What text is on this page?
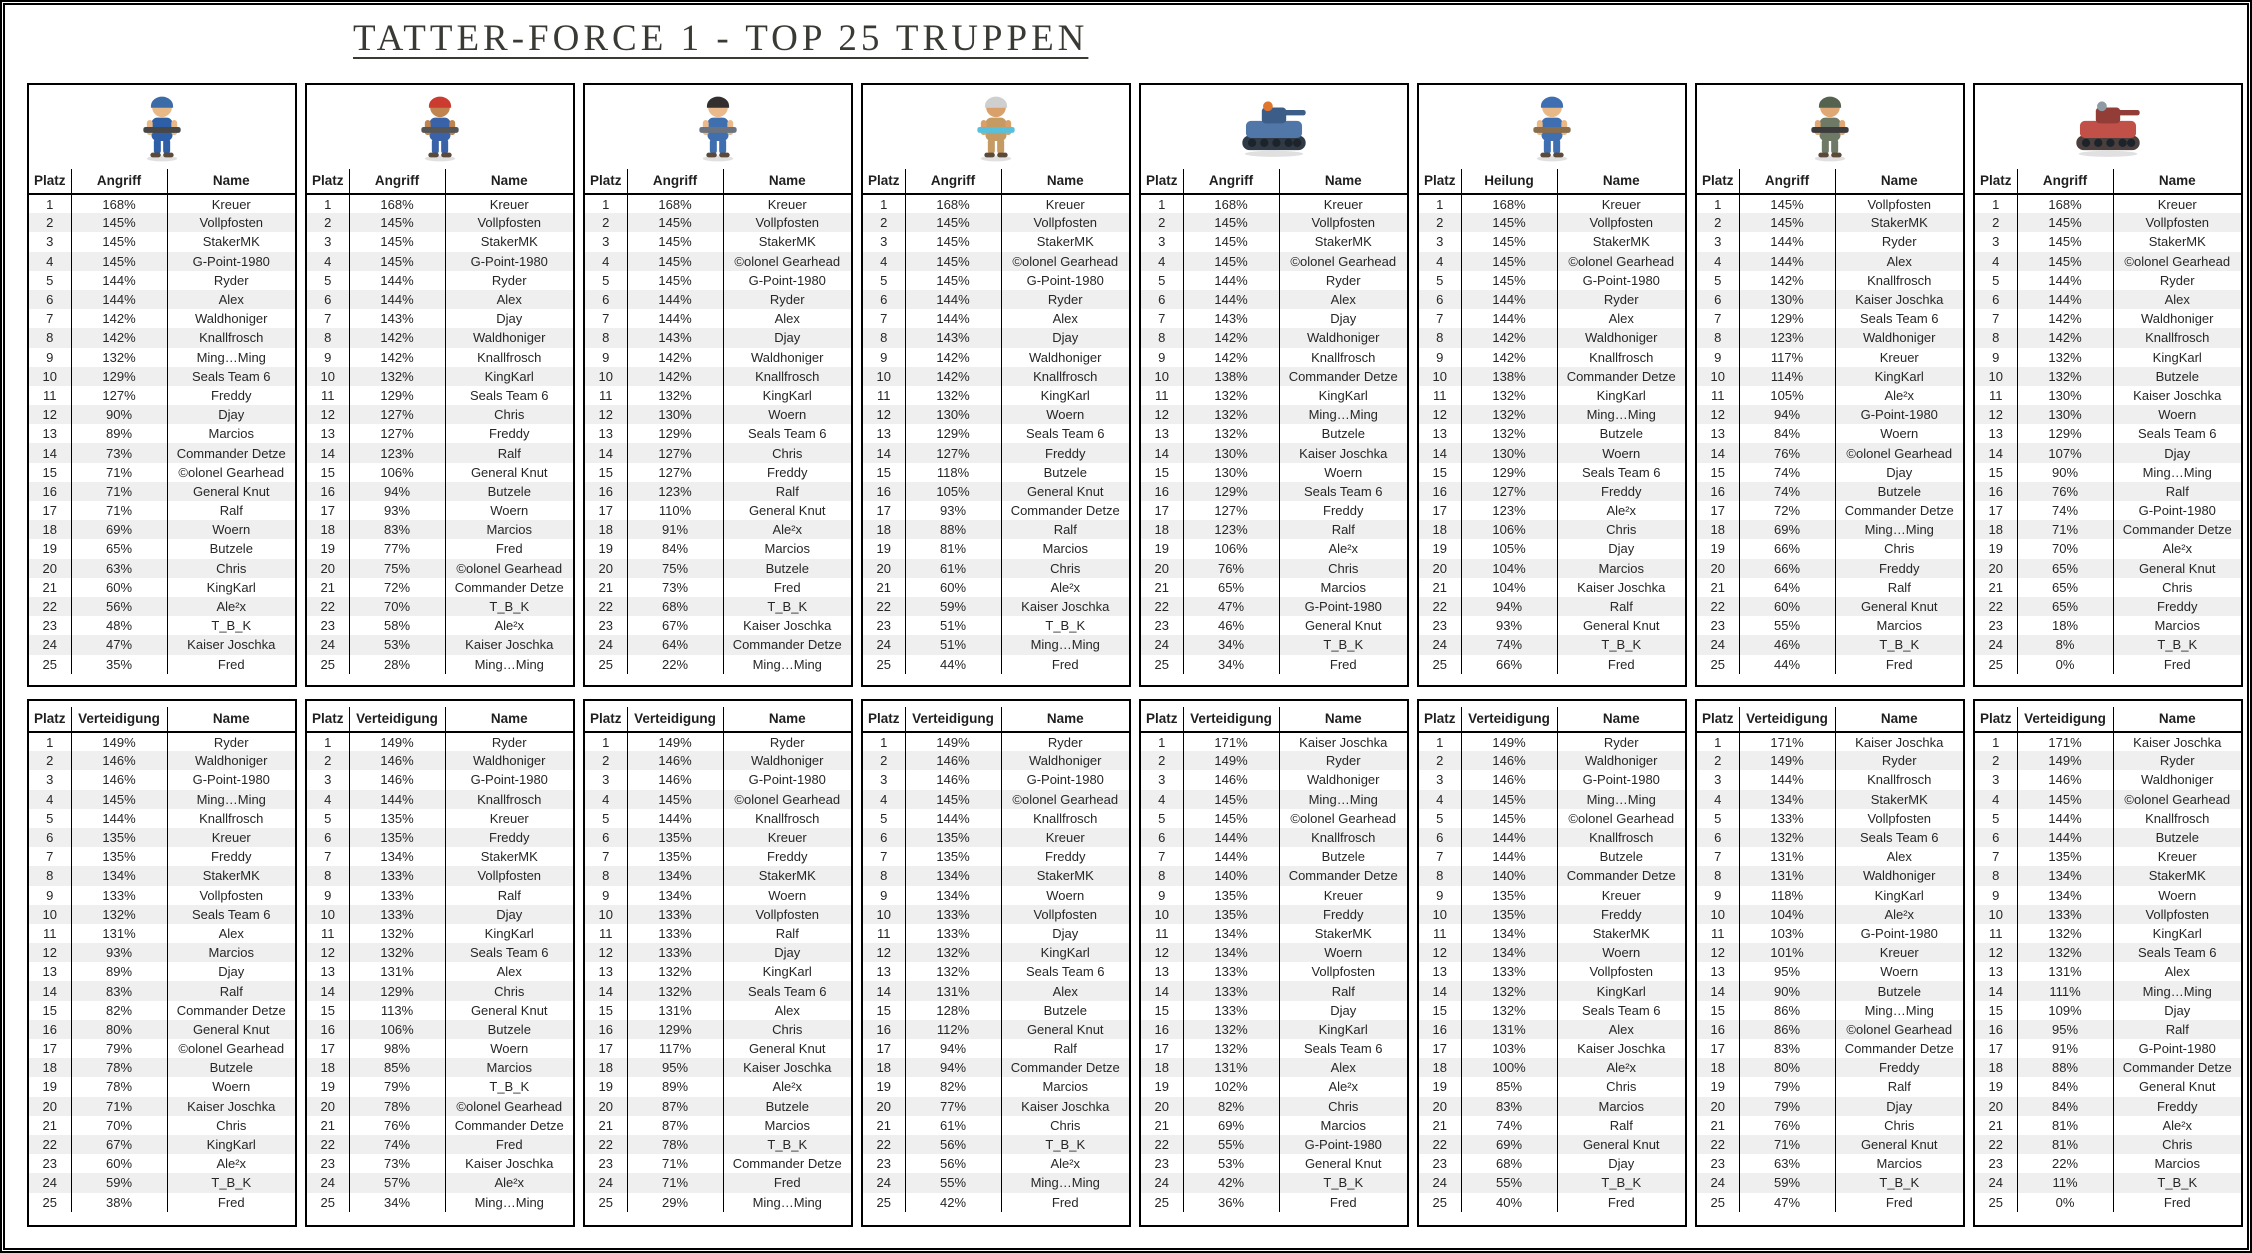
TATTER-FORCE 1 - TOP 25 TRUPPEN
Platz	Angriff	Name
1	168%	Kreuer
2	145%	Vollpfosten
3	145%	StakerMK
4	145%	G-Point-1980
5	144%	Ryder
6	144%	Alex
7	142%	Waldhoniger
8	142%	Knallfrosch
9	132%	Ming…Ming
10	129%	Seals Team 6
11	127%	Freddy
12	90%	Djay
13	89%	Marcios
14	73%	Commander Detze
15	71%	©olonel Gearhead
16	71%	General Knut
17	71%	Ralf
18	69%	Woern
19	65%	Butzele
20	63%	Chris
21	60%	KingKarl
22	56%	Ale²x
23	48%	T_B_K
24	47%	Kaiser Joschka
25	35%	Fred
Platz	Verteidigung	Name
1	149%	Ryder
2	146%	Waldhoniger
3	146%	G-Point-1980
4	145%	Ming…Ming
5	144%	Knallfrosch
6	135%	Kreuer
7	135%	Freddy
8	134%	StakerMK
9	133%	Vollpfosten
10	132%	Seals Team 6
11	131%	Alex
12	93%	Marcios
13	89%	Djay
14	83%	Ralf
15	82%	Commander Detze
16	80%	General Knut
17	79%	©olonel Gearhead
18	78%	Butzele
19	78%	Woern
20	71%	Kaiser Joschka
21	70%	Chris
22	67%	KingKarl
23	60%	Ale²x
24	59%	T_B_K
25	38%	Fred
Platz	Angriff	Name
1	168%	Kreuer
2	145%	Vollpfosten
3	145%	StakerMK
4	145%	G-Point-1980
5	144%	Ryder
6	144%	Alex
7	143%	Djay
8	142%	Waldhoniger
9	142%	Knallfrosch
10	132%	KingKarl
11	129%	Seals Team 6
12	127%	Chris
13	127%	Freddy
14	123%	Ralf
15	106%	General Knut
16	94%	Butzele
17	93%	Woern
18	83%	Marcios
19	77%	Fred
20	75%	©olonel Gearhead
21	72%	Commander Detze
22	70%	T_B_K
23	58%	Ale²x
24	53%	Kaiser Joschka
25	28%	Ming…Ming
Platz	Verteidigung	Name
1	149%	Ryder
2	146%	Waldhoniger
3	146%	G-Point-1980
4	144%	Knallfrosch
5	135%	Kreuer
6	135%	Freddy
7	134%	StakerMK
8	133%	Vollpfosten
9	133%	Ralf
10	133%	Djay
11	132%	KingKarl
12	132%	Seals Team 6
13	131%	Alex
14	129%	Chris
15	113%	General Knut
16	106%	Butzele
17	98%	Woern
18	85%	Marcios
19	79%	T_B_K
20	78%	©olonel Gearhead
21	76%	Commander Detze
22	74%	Fred
23	73%	Kaiser Joschka
24	57%	Ale²x
25	34%	Ming…Ming
Platz	Angriff	Name
1	168%	Kreuer
2	145%	Vollpfosten
3	145%	StakerMK
4	145%	©olonel Gearhead
5	145%	G-Point-1980
6	144%	Ryder
7	144%	Alex
8	143%	Djay
9	142%	Waldhoniger
10	142%	Knallfrosch
11	132%	KingKarl
12	130%	Woern
13	129%	Seals Team 6
14	127%	Chris
15	127%	Freddy
16	123%	Ralf
17	110%	General Knut
18	91%	Ale²x
19	84%	Marcios
20	75%	Butzele
21	73%	Fred
22	68%	T_B_K
23	67%	Kaiser Joschka
24	64%	Commander Detze
25	22%	Ming…Ming
Platz	Verteidigung	Name
1	149%	Ryder
2	146%	Waldhoniger
3	146%	G-Point-1980
4	145%	©olonel Gearhead
5	144%	Knallfrosch
6	135%	Kreuer
7	135%	Freddy
8	134%	StakerMK
9	134%	Woern
10	133%	Vollpfosten
11	133%	Ralf
12	133%	Djay
13	132%	KingKarl
14	132%	Seals Team 6
15	131%	Alex
16	129%	Chris
17	117%	General Knut
18	95%	Kaiser Joschka
19	89%	Ale²x
20	87%	Butzele
21	87%	Marcios
22	78%	T_B_K
23	71%	Commander Detze
24	71%	Fred
25	29%	Ming…Ming
Platz	Angriff	Name
1	168%	Kreuer
2	145%	Vollpfosten
3	145%	StakerMK
4	145%	©olonel Gearhead
5	145%	G-Point-1980
6	144%	Ryder
7	144%	Alex
8	143%	Djay
9	142%	Waldhoniger
10	142%	Knallfrosch
11	132%	KingKarl
12	130%	Woern
13	129%	Seals Team 6
14	127%	Freddy
15	118%	Butzele
16	105%	General Knut
17	93%	Commander Detze
18	88%	Ralf
19	81%	Marcios
20	61%	Chris
21	60%	Ale²x
22	59%	Kaiser Joschka
23	51%	T_B_K
24	51%	Ming…Ming
25	44%	Fred
Platz	Verteidigung	Name
1	149%	Ryder
2	146%	Waldhoniger
3	146%	G-Point-1980
4	145%	©olonel Gearhead
5	144%	Knallfrosch
6	135%	Kreuer
7	135%	Freddy
8	134%	StakerMK
9	134%	Woern
10	133%	Vollpfosten
11	133%	Djay
12	132%	KingKarl
13	132%	Seals Team 6
14	131%	Alex
15	128%	Butzele
16	112%	General Knut
17	94%	Ralf
18	94%	Commander Detze
19	82%	Marcios
20	77%	Kaiser Joschka
21	61%	Chris
22	56%	T_B_K
23	56%	Ale²x
24	55%	Ming…Ming
25	42%	Fred
Platz	Angriff	Name
1	168%	Kreuer
2	145%	Vollpfosten
3	145%	StakerMK
4	145%	©olonel Gearhead
5	144%	Ryder
6	144%	Alex
7	143%	Djay
8	142%	Waldhoniger
9	142%	Knallfrosch
10	138%	Commander Detze
11	132%	KingKarl
12	132%	Ming…Ming
13	132%	Butzele
14	130%	Kaiser Joschka
15	130%	Woern
16	129%	Seals Team 6
17	127%	Freddy
18	123%	Ralf
19	106%	Ale²x
20	76%	Chris
21	65%	Marcios
22	47%	G-Point-1980
23	46%	General Knut
24	34%	T_B_K
25	34%	Fred
Platz	Verteidigung	Name
1	171%	Kaiser Joschka
2	149%	Ryder
3	146%	Waldhoniger
4	145%	Ming…Ming
5	145%	©olonel Gearhead
6	144%	Knallfrosch
7	144%	Butzele
8	140%	Commander Detze
9	135%	Kreuer
10	135%	Freddy
11	134%	StakerMK
12	134%	Woern
13	133%	Vollpfosten
14	133%	Ralf
15	133%	Djay
16	132%	KingKarl
17	132%	Seals Team 6
18	131%	Alex
19	102%	Ale²x
20	82%	Chris
21	69%	Marcios
22	55%	G-Point-1980
23	53%	General Knut
24	42%	T_B_K
25	36%	Fred
Platz	Heilung	Name
1	168%	Kreuer
2	145%	Vollpfosten
3	145%	StakerMK
4	145%	©olonel Gearhead
5	145%	G-Point-1980
6	144%	Ryder
7	144%	Alex
8	142%	Waldhoniger
9	142%	Knallfrosch
10	138%	Commander Detze
11	132%	KingKarl
12	132%	Ming…Ming
13	132%	Butzele
14	130%	Woern
15	129%	Seals Team 6
16	127%	Freddy
17	123%	Ale²x
18	106%	Chris
19	105%	Djay
20	104%	Marcios
21	104%	Kaiser Joschka
22	94%	Ralf
23	93%	General Knut
24	74%	T_B_K
25	66%	Fred
Platz	Verteidigung	Name
1	149%	Ryder
2	146%	Waldhoniger
3	146%	G-Point-1980
4	145%	Ming…Ming
5	145%	©olonel Gearhead
6	144%	Knallfrosch
7	144%	Butzele
8	140%	Commander Detze
9	135%	Kreuer
10	135%	Freddy
11	134%	StakerMK
12	134%	Woern
13	133%	Vollpfosten
14	132%	KingKarl
15	132%	Seals Team 6
16	131%	Alex
17	103%	Kaiser Joschka
18	100%	Ale²x
19	85%	Chris
20	83%	Marcios
21	74%	Ralf
22	69%	General Knut
23	68%	Djay
24	55%	T_B_K
25	40%	Fred
Platz	Angriff	Name
1	145%	Vollpfosten
2	145%	StakerMK
3	144%	Ryder
4	144%	Alex
5	142%	Knallfrosch
6	130%	Kaiser Joschka
7	129%	Seals Team 6
8	123%	Waldhoniger
9	117%	Kreuer
10	114%	KingKarl
11	105%	Ale²x
12	94%	G-Point-1980
13	84%	Woern
14	76%	©olonel Gearhead
15	74%	Djay
16	74%	Butzele
17	72%	Commander Detze
18	69%	Ming…Ming
19	66%	Chris
20	66%	Freddy
21	64%	Ralf
22	60%	General Knut
23	55%	Marcios
24	46%	T_B_K
25	44%	Fred
Platz	Verteidigung	Name
1	171%	Kaiser Joschka
2	149%	Ryder
3	144%	Knallfrosch
4	134%	StakerMK
5	133%	Vollpfosten
6	132%	Seals Team 6
7	131%	Alex
8	131%	Waldhoniger
9	118%	KingKarl
10	104%	Ale²x
11	103%	G-Point-1980
12	101%	Kreuer
13	95%	Woern
14	90%	Butzele
15	86%	Ming…Ming
16	86%	©olonel Gearhead
17	83%	Commander Detze
18	80%	Freddy
19	79%	Ralf
20	79%	Djay
21	76%	Chris
22	71%	General Knut
23	63%	Marcios
24	59%	T_B_K
25	47%	Fred
Platz	Angriff	Name
1	168%	Kreuer
2	145%	Vollpfosten
3	145%	StakerMK
4	145%	©olonel Gearhead
5	144%	Ryder
6	144%	Alex
7	142%	Waldhoniger
8	142%	Knallfrosch
9	132%	KingKarl
10	132%	Butzele
11	130%	Kaiser Joschka
12	130%	Woern
13	129%	Seals Team 6
14	107%	Djay
15	90%	Ming…Ming
16	76%	Ralf
17	74%	G-Point-1980
18	71%	Commander Detze
19	70%	Ale²x
20	65%	General Knut
21	65%	Chris
22	65%	Freddy
23	18%	Marcios
24	8%	T_B_K
25	0%	Fred
Platz	Verteidigung	Name
1	171%	Kaiser Joschka
2	149%	Ryder
3	146%	Waldhoniger
4	145%	©olonel Gearhead
5	144%	Knallfrosch
6	144%	Butzele
7	135%	Kreuer
8	134%	StakerMK
9	134%	Woern
10	133%	Vollpfosten
11	132%	KingKarl
12	132%	Seals Team 6
13	131%	Alex
14	111%	Ming…Ming
15	109%	Djay
16	95%	Ralf
17	91%	G-Point-1980
18	88%	Commander Detze
19	84%	General Knut
20	84%	Freddy
21	81%	Ale²x
22	81%	Chris
23	22%	Marcios
24	11%	T_B_K
25	0%	Fred
